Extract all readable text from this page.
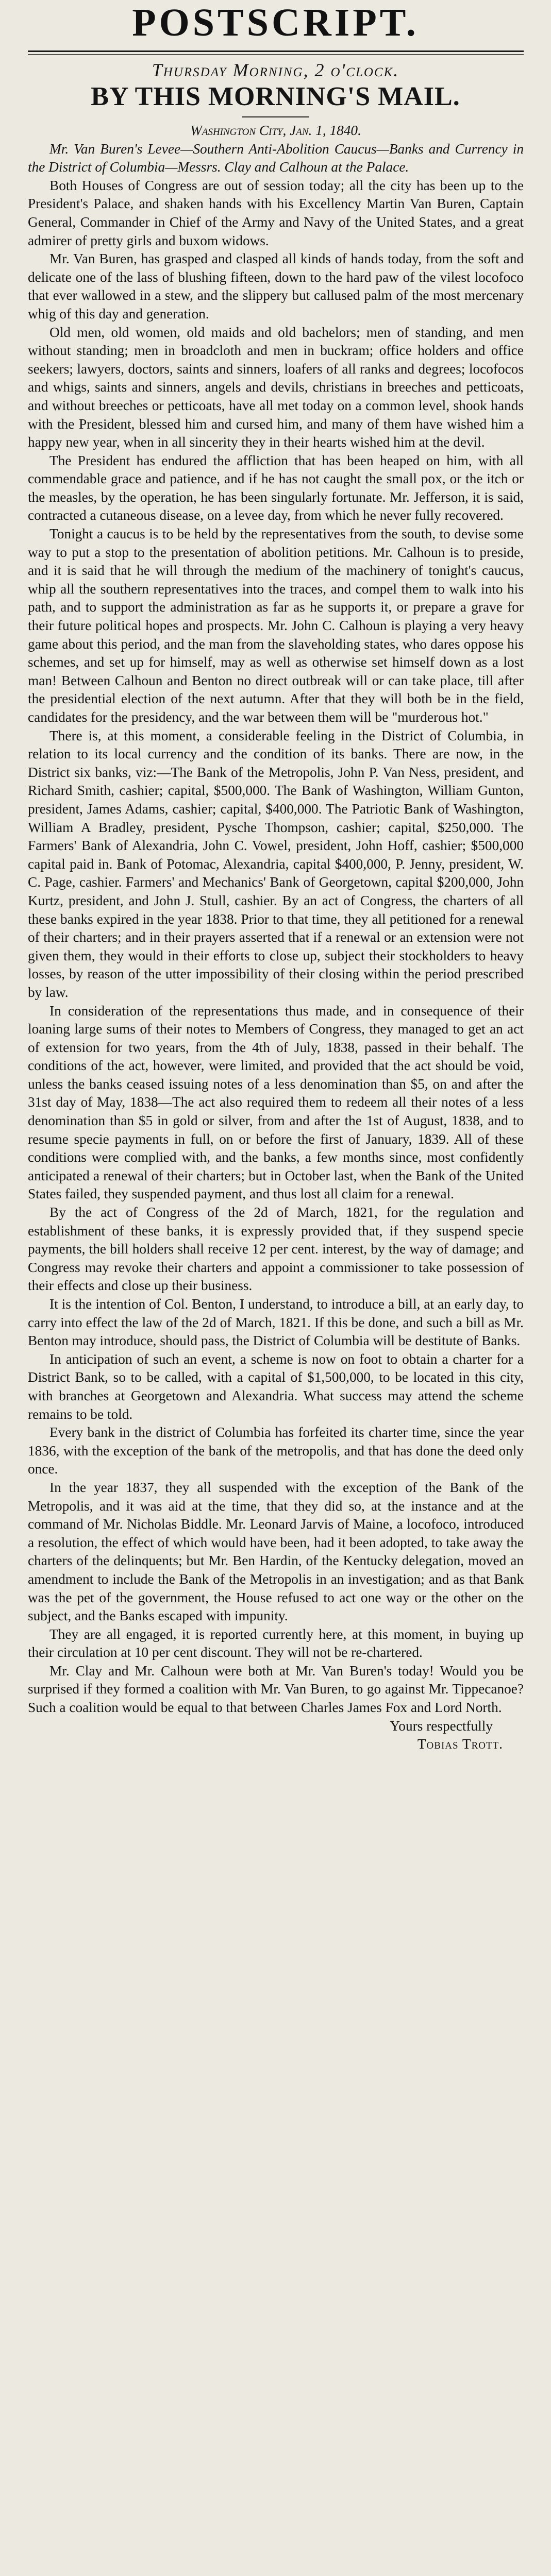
POSTSCRIPT.
Thursday Morning, 2 o'clock.
BY THIS MORNING'S MAIL.

Washington City, Jan. 1, 1840.

Mr. Van Buren's Levee—Southern Anti-Abolition Caucus—Banks and Currency in the District of Columbia—Messrs. Clay and Calhoun at the Palace.

Both Houses of Congress are out of session today; all the city has been up to the President's Palace, and shaken hands with his Excellency Martin Van Buren, Captain General, Commander in Chief of the Army and Navy of the United States, and a great admirer of pretty girls and buxom widows.

Mr. Van Buren, has grasped and clasped all kinds of hands today, from the soft and delicate one of the lass of blushing fifteen, down to the hard paw of the vilest locofoco that ever wallowed in a stew, and the slippery but callused palm of the most mercenary whig of this day and generation.

Old men, old women, old maids and old bachelors; men of standing, and men without standing; men in broadcloth and men in buckram; office holders and office seekers; lawyers, doctors, saints and sinners, loafers of all ranks and degrees; locofocos and whigs, saints and sinners, angels and devils, christians in breeches and petticoats, and without breeches or petticoats, have all met today on a common level, shook hands with the President, blessed him and cursed him, and many of them have wished him a happy new year, when in all sincerity they in their hearts wished him at the devil.

The President has endured the affliction that has been heaped on him, with all commendable grace and patience, and if he has not caught the small pox, or the itch or the measles, by the operation, he has been singularly fortunate. Mr. Jefferson, it is said, contracted a cutaneous disease, on a levee day, from which he never fully recovered.

Tonight a caucus is to be held by the representatives from the south, to devise some way to put a stop to the presentation of abolition petitions. Mr. Calhoun is to preside, and it is said that he will through the medium of the machinery of tonight's caucus, whip all the southern representatives into the traces, and compel them to walk into his path, and to support the administration as far as he supports it, or prepare a grave for their future political hopes and prospects. Mr. John C. Calhoun is playing a very heavy game about this period, and the man from the slaveholding states, who dares oppose his schemes, and set up for himself, may as well as otherwise set himself down as a lost man! Between Calhoun and Benton no direct outbreak will or can take place, till after the presidential election of the next autumn. After that they will both be in the field, candidates for the presidency, and the war between them will be "murderous hot."

There is, at this moment, a considerable feeling in the District of Columbia, in relation to its local currency and the condition of its banks. There are now, in the District six banks, viz:—The Bank of the Metropolis, John P. Van Ness, president, and Richard Smith, cashier; capital, $500,000. The Bank of Washington, William Gunton, president, James Adams, cashier; capital, $400,000. The Patriotic Bank of Washington, William A Bradley, president, Pysche Thompson, cashier; capital, $250,000. The Farmers' Bank of Alexandria, John C. Vowel, president, John Hoff, cashier; $500,000 capital paid in. Bank of Potomac, Alexandria, capital $400,000, P. Jenny, president, W. C. Page, cashier. Farmers' and Mechanics' Bank of Georgetown, capital $200,000, John Kurtz, president, and John J. Stull, cashier. By an act of Congress, the charters of all these banks expired in the year 1838. Prior to that time, they all petitioned for a renewal of their charters; and in their prayers asserted that if a renewal or an extension were not given them, they would in their efforts to close up, subject their stockholders to heavy losses, by reason of the utter impossibility of their closing within the period prescribed by law.

In consideration of the representations thus made, and in consequence of their loaning large sums of their notes to Members of Congress, they managed to get an act of extension for two years, from the 4th of July, 1838, passed in their behalf. The conditions of the act, however, were limited, and provided that the act should be void, unless the banks ceased issuing notes of a less denomination than $5, on and after the 31st day of May, 1838—The act also required them to redeem all their notes of a less denomination than $5 in gold or silver, from and after the 1st of August, 1838, and to resume specie payments in full, on or before the first of January, 1839. All of these conditions were complied with, and the banks, a few months since, most confidently anticipated a renewal of their charters; but in October last, when the Bank of the United States failed, they suspended payment, and thus lost all claim for a renewal.

By the act of Congress of the 2d of March, 1821, for the regulation and establishment of these banks, it is expressly provided that, if they suspend specie payments, the bill holders shall receive 12 per cent. interest, by the way of damage; and Congress may revoke their charters and appoint a commissioner to take possession of their effects and close up their business.

It is the intention of Col. Benton, I understand, to introduce a bill, at an early day, to carry into effect the law of the 2d of March, 1821. If this be done, and such a bill as Mr. Benton may introduce, should pass, the District of Columbia will be destitute of Banks.

In anticipation of such an event, a scheme is now on foot to obtain a charter for a District Bank, so to be called, with a capital of $1,500,000, to be located in this city, with branches at Georgetown and Alexandria. What success may attend the scheme remains to be told.

Every bank in the district of Columbia has forfeited its charter time, since the year 1836, with the exception of the bank of the metropolis, and that has done the deed only once.

In the year 1837, they all suspended with the exception of the Bank of the Metropolis, and it was aid at the time, that they did so, at the instance and at the command of Mr. Nicholas Biddle. Mr. Leonard Jarvis of Maine, a locofoco, introduced a resolution, the effect of which would have been, had it been adopted, to take away the charters of the delinquents; but Mr. Ben Hardin, of the Kentucky delegation, moved an amendment to include the Bank of the Metropolis in an investigation; and as that Bank was the pet of the government, the House refused to act one way or the other on the subject, and the Banks escaped with impunity.

They are all engaged, it is reported currently here, at this moment, in buying up their circulation at 10 per cent discount. They will not be re-chartered.

Mr. Clay and Mr. Calhoun were both at Mr. Van Buren's today! Would you be surprised if they formed a coalition with Mr. Van Buren, to go against Mr. Tippecanoe? Such a coalition would be equal to that between Charles James Fox and Lord North.

Yours respectfully

Tobias Trott.
